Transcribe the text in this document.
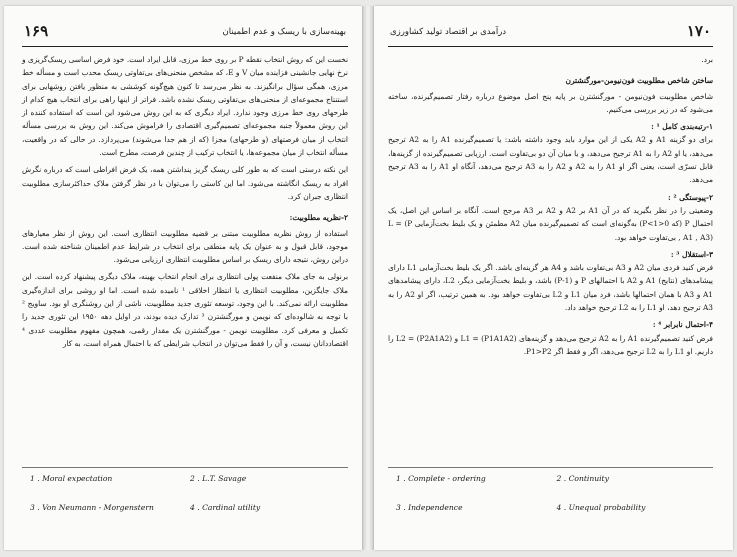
۱۶۹	بهینه‌سازی با ریسک و عدم اطمینان

نخست این که روش انتخاب نقطه P بر روی خط مرزی، قابل ایراد است. خود فرض اساسی ریسک‌گریزی و نرخ نهایی جانشینی فزاینده میان V و E، که مشخص منحنی‌های بی‌تفاوتی ریسک محدب است و مسأله خط مرزی، همگی سؤال برانگیزند. به نظر می‌رسد تا کنون هیچ‌گونه کوششی به منظور یافتن روشهایی برای استنتاج مجموعه‌ای از منحنی‌های بی‌تفاوتی ریسک نشده باشد. فراتر از اینها راهی برای انتخاب هیچ کدام از طرحهای روی خط مرزی وجود ندارد. ایراد دیگری که به این روش می‌شود این است که استفاده کننده از این روش معمولاً جنبه مجموعه‌ای تصمیم‌گیری اقتصادی را فراموش می‌کند. این روش به بررسی مسأله انتخاب از میان فرصتهای (و طرحهای) مجزا (که از هم جدا می‌شوند) می‌پردازد. در حالی که در واقعیت، مسأله انتخاب از میان مجموعه‌ها، یا انتخاب ترکیب از چندین فرصت، مطرح است.

این نکته درستی است که به طور کلی ریسک گریز پنداشتن همه، یک فرض افراطی است که درباره نگرش افراد به ریسک انگاشته می‌شود. اما این کاستی را می‌توان با در نظر گرفتن ملاک حداکثرسازی مطلوبیت انتظاری جبران کرد.

۲-نظریه مطلوبیت:

استفاده از روش نظریه مطلوبیت مبتنی بر قضیه مطلوبیت انتظاری است. این روش از نظر معیارهای موجود، قابل قبول و به عنوان یک پایه منطقی برای انتخاب در شرایط عدم اطمینان شناخته شده است. دراین روش، نتیجه دارای ریسک بر اساس مطلوبیت انتظاری ارزیابی می‌شود.

برنولی به جای ملاک منفعت پولی انتظاری برای انجام انتخاب بهینه، ملاک دیگری پیشنهاد کرده است. این ملاک جایگزین، مطلوبیت انتظاری یا انتظار اخلاقی ¹ نامیده شده است. اما او روشی برای اندازه‌گیری مطلوبیت ارائه نمی‌کند. با این وجود، توسعه تئوری جدید مطلوبیت، ناشی از این روشنگری او بود. ساویج ² با توجه به شالوده‌ای که نویمن و مورگنشترن ³ تدارک دیده بودند، در اوایل دهه ۱۹۵۰ این تئوری جدید را تکمیل و معرفی کرد. مطلوبیت نویمن - مورگنشترن یک مقدار رقمی، همچون مفهوم مطلوبیت عددی ⁴ اقتصاددانان نیست، و آن را فقط می‌توان در انتخاب شرایطی که با احتمال همراه است، به کار

1 . Moral expectation	2 . L.T. Savage
3 . Von Neumann - Morgenstern	4 . Cardinal utility
۱۷۰
درآمدی بر اقتصاد تولید کشاورزی

برد.

ساختن شاخص مطلوبیت فون‌نیومن-مورگنشترن

شاخص مطلوبیت فون‌نیومن - مورگنشترن بر پایه پنج اصل موضوع درباره رفتار تصمیم‌گیرنده، ساخته می‌شود که در زیر بررسی می‌کنیم.

۱-رتبه‌بندی کامل ¹ :

برای دو گزینه A1 و A2 یکی از این موارد باید وجود داشته باشد: یا تصمیم‌گیرنده A1 را به A2 ترجیح می‌دهد، یا او A2 را به A1 ترجیح می‌دهد، و یا میان آن دو بی‌تفاوت است. ارزیابی تصمیم‌گیرنده از گزینه‌ها، قابل تسرّی است، یعنی اگر او A1 را به A2 و A2 را به A3 ترجیح می‌دهد، آنگاه او A1 را به A3 ترجیح می‌دهد.

۲-پیوستگی ² :

وضعیتی را در نظر بگیرید که در آن A1 بر A2 و A2 بر A3 مرجح است. آنگاه بر اساس این اصل، یک احتمال P (که 0<P<1) به‌گونه‌ای است که تصمیم‌گیرنده میان A2 مطمئن و یک بلیط بخت‌آزمایی L = (P , A1 , A3) بی‌تفاوت خواهد بود.

۳-استقلال ³ :

فرض کنید فردی میان A2 و A3 بی‌تفاوت باشد و A4 هر گزینه‌ای باشد. اگر یک بلیط بخت‌آزمایی L1 دارای پیشامدهای (نتایج) A1 و A2 با احتمالهای P و (1-P) باشد، و بلیط بخت‌آزمایی دیگر، L2، دارای پیشامدهای A1 و A3 با همان احتمالها باشد، فرد میان L1 و L2 بی‌تفاوت خواهد بود. به همین ترتیب، اگر او A2 را به A3 ترجیح دهد، او L1 را به L2 ترجیح خواهد داد.

۴-احتمال نابرابر ⁴ :

فرض کنید تصمیم‌گیرنده A1 را به A2 ترجیح می‌دهد و گزینه‌های L1 = (P1A1A2) و L2 = (P2A1A2) را داریم. او L1 را به L2 ترجیح می‌دهد، اگر و فقط اگر P1>P2.

1 . Complete - ordering	2 . Continuity
3 . Independence	4 . Unequal probability
